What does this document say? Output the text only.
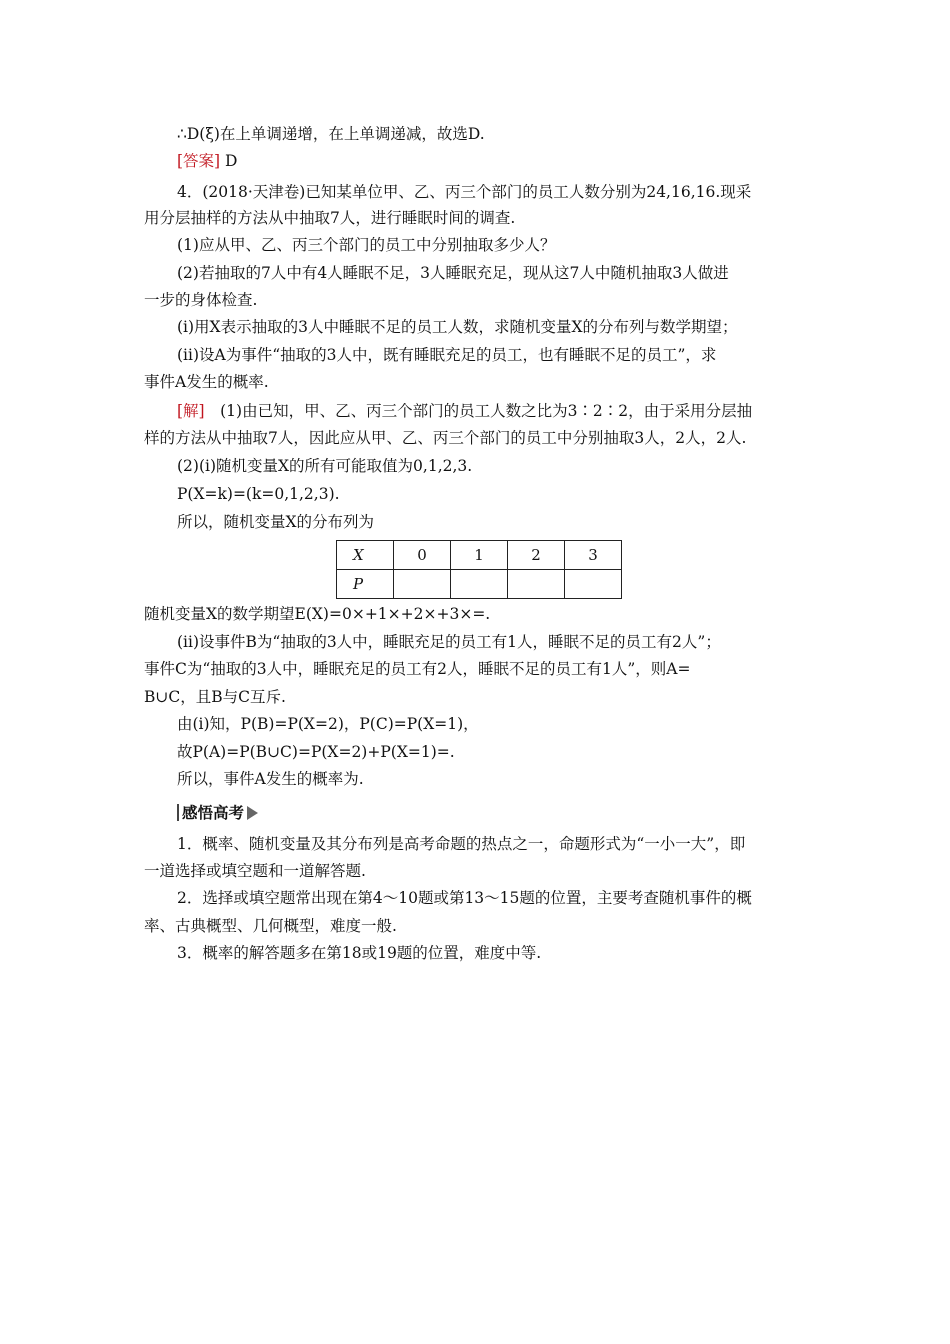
∴D(ξ)在上单调递增，在上单调递减，故选D.
[答案] D
4．(2018·天津卷)已知某单位甲、乙、丙三个部门的员工人数分别为24,16,16.现采
用分层抽样的方法从中抽取7人，进行睡眠时间的调查.
(1)应从甲、乙、丙三个部门的员工中分别抽取多少人？
(2)若抽取的7人中有4人睡眠不足，3人睡眠充足，现从这7人中随机抽取3人做进
一步的身体检查.
(ⅰ)用X表示抽取的3人中睡眠不足的员工人数，求随机变量X的分布列与数学期望；
(ⅱ)设A为事件“抽取的3人中，既有睡眠充足的员工，也有睡眠不足的员工”，求
事件A发生的概率.
[解]　(1)由已知，甲、乙、丙三个部门的员工人数之比为3∶2∶2，由于采用分层抽
样的方法从中抽取7人，因此应从甲、乙、丙三个部门的员工中分别抽取3人，2人，2人.
(2)(ⅰ)随机变量X的所有可能取值为0,1,2,3.
P(X=k)=(k=0,1,2,3).
所以，随机变量X的分布列为
X	0	1	2	3
P				
随机变量X的数学期望E(X)=0×+1×+2×+3×=.
(ⅱ)设事件B为“抽取的3人中，睡眠充足的员工有1人，睡眠不足的员工有2人”；
事件C为“抽取的3人中，睡眠充足的员工有2人，睡眠不足的员工有1人”，则A=
B∪C，且B与C互斥.
由(ⅰ)知，P(B)=P(X=2)，P(C)=P(X=1)，
故P(A)=P(B∪C)=P(X=2)+P(X=1)=.
所以，事件A发生的概率为.
感悟高考
1．概率、随机变量及其分布列是高考命题的热点之一，命题形式为“一小一大”，即
一道选择或填空题和一道解答题.
2．选择或填空题常出现在第4～10题或第13～15题的位置，主要考查随机事件的概
率、古典概型、几何概型，难度一般.
3．概率的解答题多在第18或19题的位置，难度中等.
